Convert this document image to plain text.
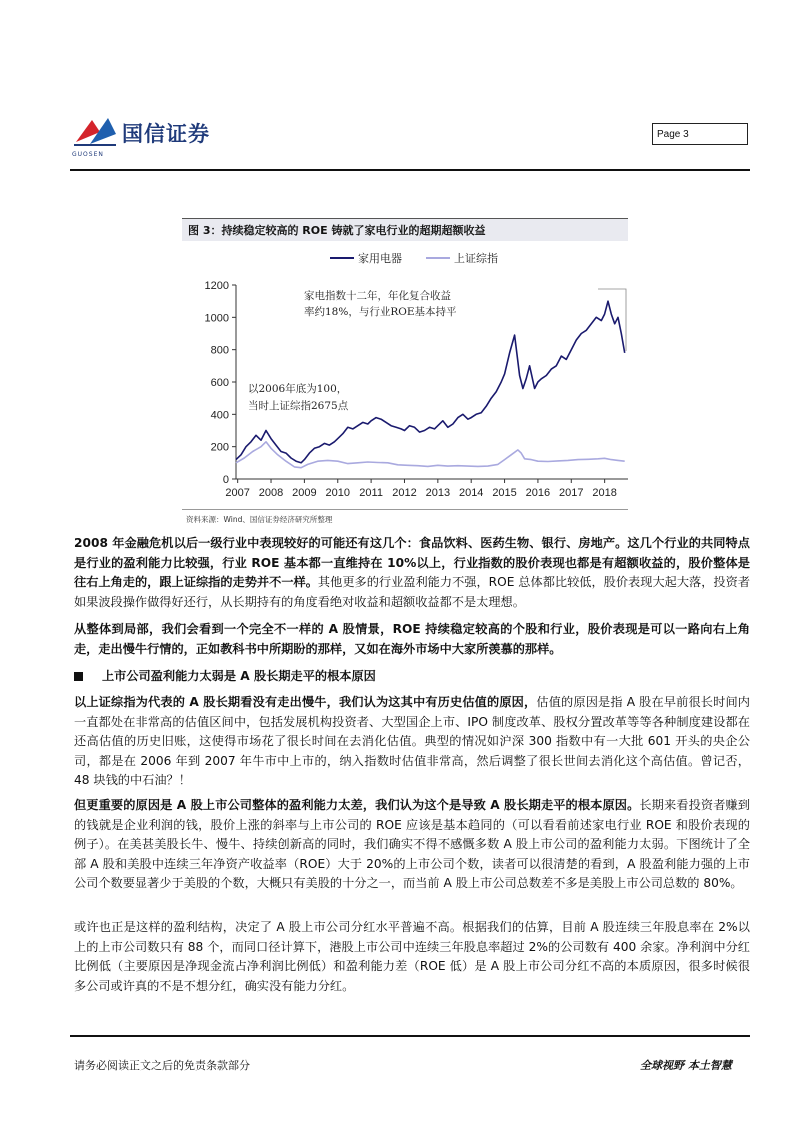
国信证券
GUOSEN
Page 3
图 3：持续稳定较高的 ROE 铸就了家电行业的超期超额收益
家用电器	上证综指
0
200
400
600
800
1000
1200
2007 2008 2009 2010 2011 2012 2013 2014 2015 2016 2017 2018
家电指数十二年，年化复合收益
率约18%，与行业ROE基本持平
以2006年底为100，
当时上证综指2675点
资料来源：Wind、国信证券经济研究所整理
2008 年金融危机以后一级行业中表现较好的可能还有这几个：食品饮料、医药生物、银行、房地产。这几个行业的共同特点是行业的盈利能力比较强，行业 ROE 基本都一直维持在 10%以上，行业指数的股价表现也都是有超额收益的，股价整体是往右上角走的，跟上证综指的走势并不一样。其他更多的行业盈利能力不强，ROE 总体都比较低，股价表现大起大落，投资者如果波段操作做得好还行，从长期持有的角度看绝对收益和超额收益都不是太理想。
从整体到局部，我们会看到一个完全不一样的 A 股情景，ROE 持续稳定较高的个股和行业，股价表现是可以一路向右上角走，走出慢牛行情的，正如教科书中所期盼的那样，又如在海外市场中大家所羡慕的那样。
上市公司盈利能力太弱是 A 股长期走平的根本原因
以上证综指为代表的 A 股长期看没有走出慢牛，我们认为这其中有历史估值的原因，估值的原因是指 A 股在早前很长时间内一直都处在非常高的估值区间中，包括发展机构投资者、大型国企上市、IPO 制度改革、股权分置改革等等各种制度建设都在还高估值的历史旧账，这使得市场花了很长时间在去消化估值。典型的情况如沪深 300 指数中有一大批 601 开头的央企公司，都是在 2006 年到 2007 年牛市中上市的，纳入指数时估值非常高，然后调整了很长世间去消化这个高估值。曾记否，48 块钱的中石油？！
但更重要的原因是 A 股上市公司整体的盈利能力太差，我们认为这个是导致 A 股长期走平的根本原因。长期来看投资者赚到的钱就是企业利润的钱，股价上涨的斜率与上市公司的 ROE 应该是基本趋同的（可以看看前述家电行业 ROE 和股价表现的例子）。在美甚美股长牛、慢牛、持续创新高的同时，我们确实不得不感慨多数 A 股上市公司的盈利能力太弱。下图统计了全部 A 股和美股中连续三年净资产收益率（ROE）大于 20%的上市公司个数，读者可以很清楚的看到，A 股盈利能力强的上市公司个数要显著少于美股的个数，大概只有美股的十分之一，而当前 A 股上市公司总数差不多是美股上市公司总数的 80%。
或许也正是这样的盈利结构，决定了 A 股上市公司分红水平普遍不高。根据我们的估算，目前 A 股连续三年股息率在 2%以上的上市公司数只有 88 个，而同口径计算下，港股上市公司中连续三年股息率超过 2%的公司数有 400 余家。净利润中分红比例低（主要原因是净现金流占净利润比例低）和盈利能力差（ROE 低）是 A 股上市公司分红不高的本质原因，很多时候很多公司或许真的不是不想分红，确实没有能力分红。
请务必阅读正文之后的免责条款部分	全球视野 本土智慧
